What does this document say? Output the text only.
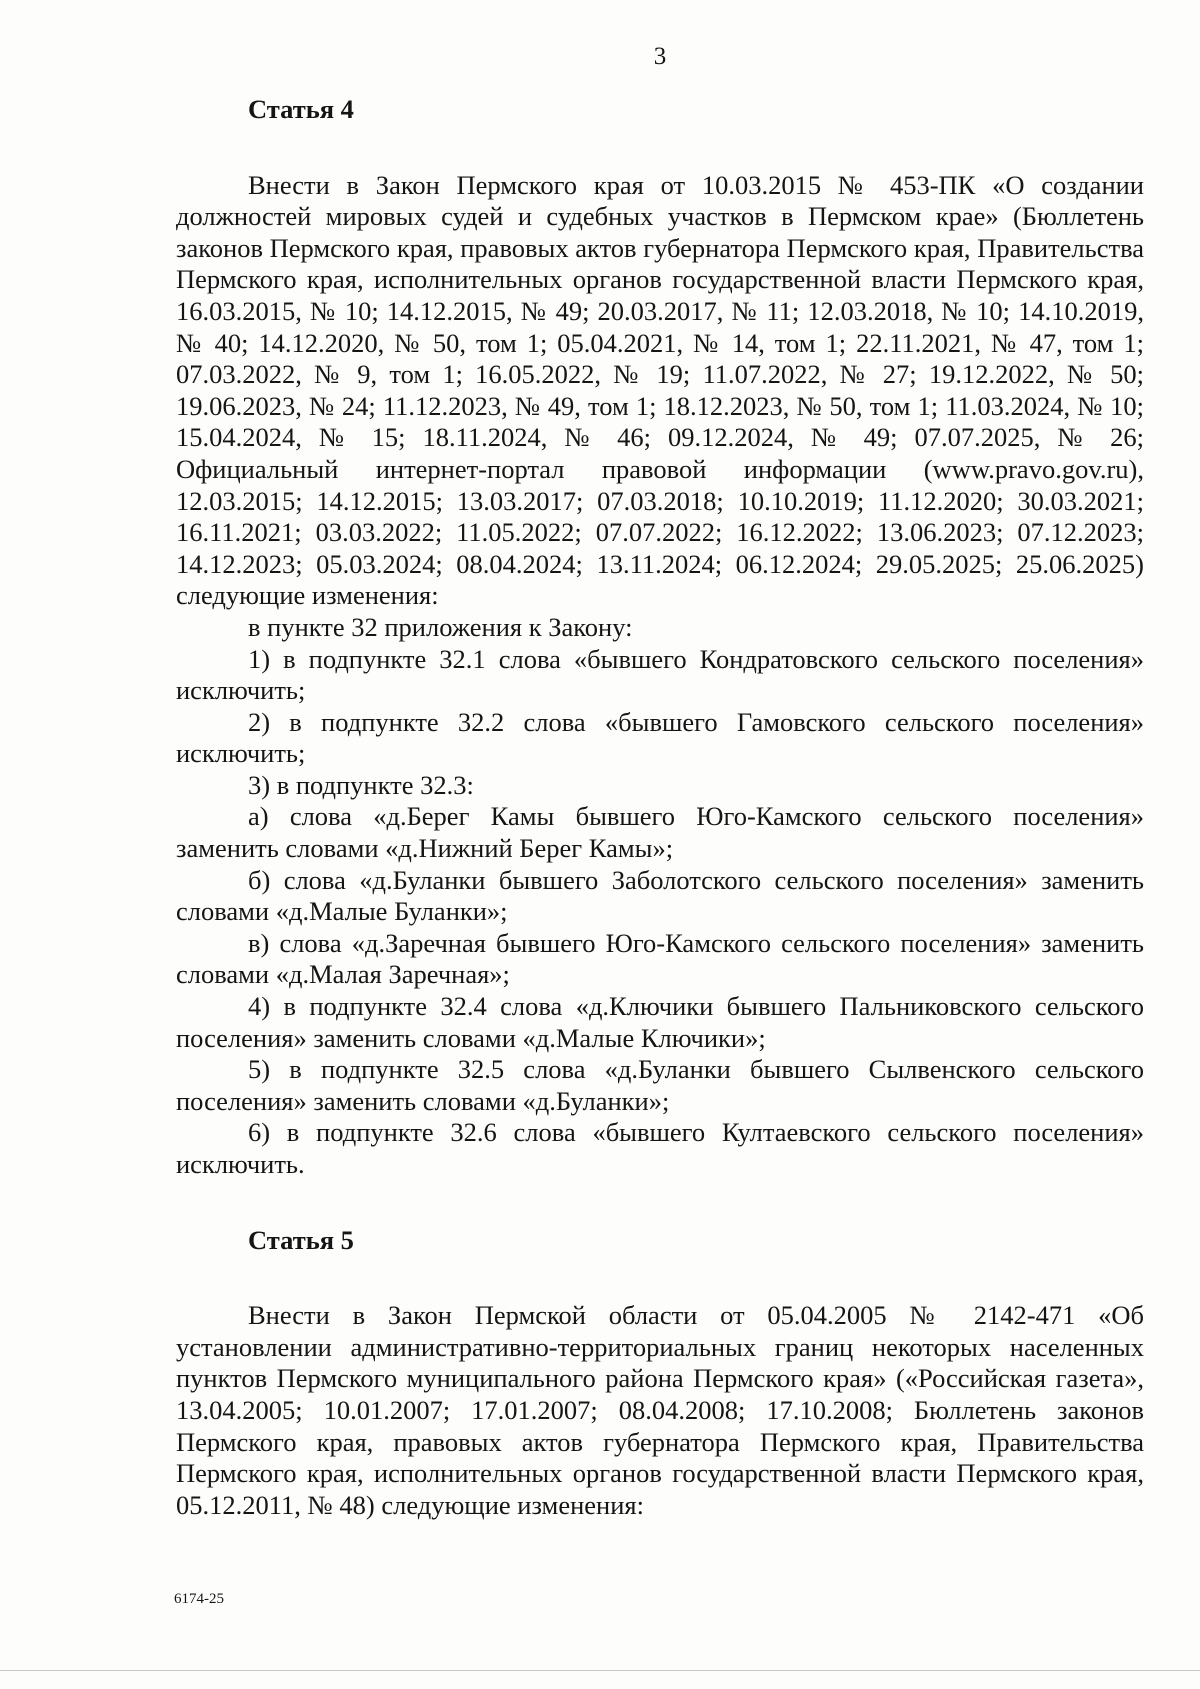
3

Статья 4

Внести в Закон Пермского края от 10.03.2015 № 453-ПК «О создании должностей мировых судей и судебных участков в Пермском крае» (Бюллетень законов Пермского края, правовых актов губернатора Пермского края, Правительства Пермского края, исполнительных органов государственной власти Пермского края, 16.03.2015, № 10; 14.12.2015, № 49; 20.03.2017, № 11; 12.03.2018, № 10; 14.10.2019, № 40; 14.12.2020, № 50, том 1; 05.04.2021, № 14, том 1; 22.11.2021, № 47, том 1; 07.03.2022, № 9, том 1; 16.05.2022, № 19; 11.07.2022, № 27; 19.12.2022, № 50; 19.06.2023, № 24; 11.12.2023, № 49, том 1; 18.12.2023, № 50, том 1; 11.03.2024, № 10; 15.04.2024, № 15; 18.11.2024, № 46; 09.12.2024, № 49; 07.07.2025, № 26; Официальный интернет-портал правовой информации (www.pravo.gov.ru), 12.03.2015; 14.12.2015; 13.03.2017; 07.03.2018; 10.10.2019; 11.12.2020; 30.03.2021; 16.11.2021; 03.03.2022; 11.05.2022; 07.07.2022; 16.12.2022; 13.06.2023; 07.12.2023; 14.12.2023; 05.03.2024; 08.04.2024; 13.11.2024; 06.12.2024; 29.05.2025; 25.06.2025) следующие изменения:

в пункте 32 приложения к Закону:

1) в подпункте 32.1 слова «бывшего Кондратовского сельского поселения» исключить;

2) в подпункте 32.2 слова «бывшего Гамовского сельского поселения» исключить;

3) в подпункте 32.3:

а) слова «д.Берег Камы бывшего Юго-Камского сельского поселения» заменить словами «д.Нижний Берег Камы»;

б) слова «д.Буланки бывшего Заболотского сельского поселения» заменить словами «д.Малые Буланки»;

в) слова «д.Заречная бывшего Юго-Камского сельского поселения» заменить словами «д.Малая Заречная»;

4) в подпункте 32.4 слова «д.Ключики бывшего Пальниковского сельского поселения» заменить словами «д.Малые Ключики»;

5) в подпункте 32.5 слова «д.Буланки бывшего Сылвенского сельского поселения» заменить словами «д.Буланки»;

6) в подпункте 32.6 слова «бывшего Култаевского сельского поселения» исключить.

Статья 5

Внести в Закон Пермской области от 05.04.2005 № 2142-471 «Об установлении административно-территориальных границ некоторых населенных пунктов Пермского муниципального района Пермского края» («Российская газета», 13.04.2005; 10.01.2007; 17.01.2007; 08.04.2008; 17.10.2008; Бюллетень законов Пермского края, правовых актов губернатора Пермского края, Правительства Пермского края, исполнительных органов государственной власти Пермского края, 05.12.2011, № 48) следующие изменения:

6174-25
